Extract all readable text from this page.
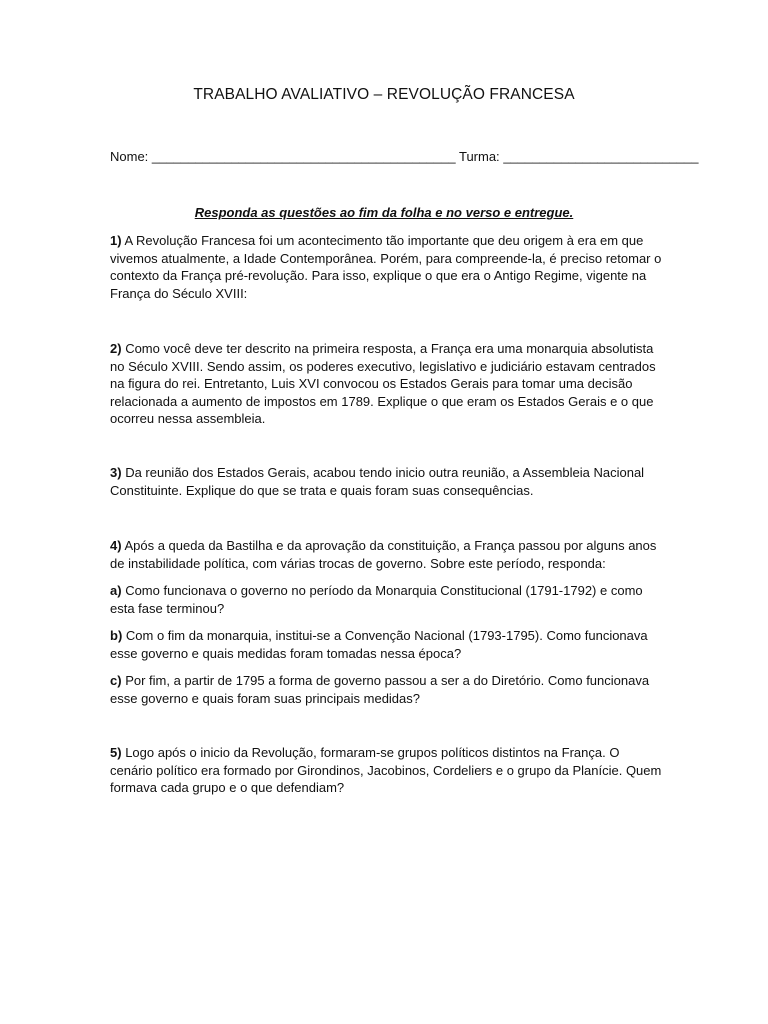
TRABALHO AVALIATIVO – REVOLUÇÃO FRANCESA
Nome: __________________________________________ Turma: ___________________________
Responda as questões ao fim da folha e no verso e entregue.
1) A Revolução Francesa foi um acontecimento tão importante que deu origem à era em que vivemos atualmente, a Idade Contemporânea. Porém, para compreende-la, é preciso retomar o contexto da França pré-revolução. Para isso, explique o que era o Antigo Regime, vigente na França do Século XVIII:
2) Como você deve ter descrito na primeira resposta, a França era uma monarquia absolutista no Século XVIII. Sendo assim, os poderes executivo, legislativo e judiciário estavam centrados na figura do rei. Entretanto, Luis XVI convocou os Estados Gerais para tomar uma decisão relacionada a aumento de impostos em 1789. Explique o que eram os Estados Gerais e o que ocorreu nessa assembleia.
3) Da reunião dos Estados Gerais, acabou tendo inicio outra reunião, a Assembleia Nacional Constituinte. Explique do que se trata e quais foram suas consequências.
4) Após a queda da Bastilha e da aprovação da constituição, a França passou por alguns anos de instabilidade política, com várias trocas de governo. Sobre este período, responda:
a) Como funcionava o governo no período da Monarquia Constitucional (1791-1792) e como esta fase terminou?
b) Com o fim da monarquia, institui-se a Convenção Nacional (1793-1795). Como funcionava esse governo e quais medidas foram tomadas nessa época?
c) Por fim, a partir de 1795 a forma de governo passou a ser a do Diretório. Como funcionava esse governo e quais foram suas principais medidas?
5) Logo após o inicio da Revolução, formaram-se grupos políticos distintos na França. O cenário político era formado por Girondinos, Jacobinos, Cordeliers e o grupo da Planície. Quem formava cada grupo e o que defendiam?
